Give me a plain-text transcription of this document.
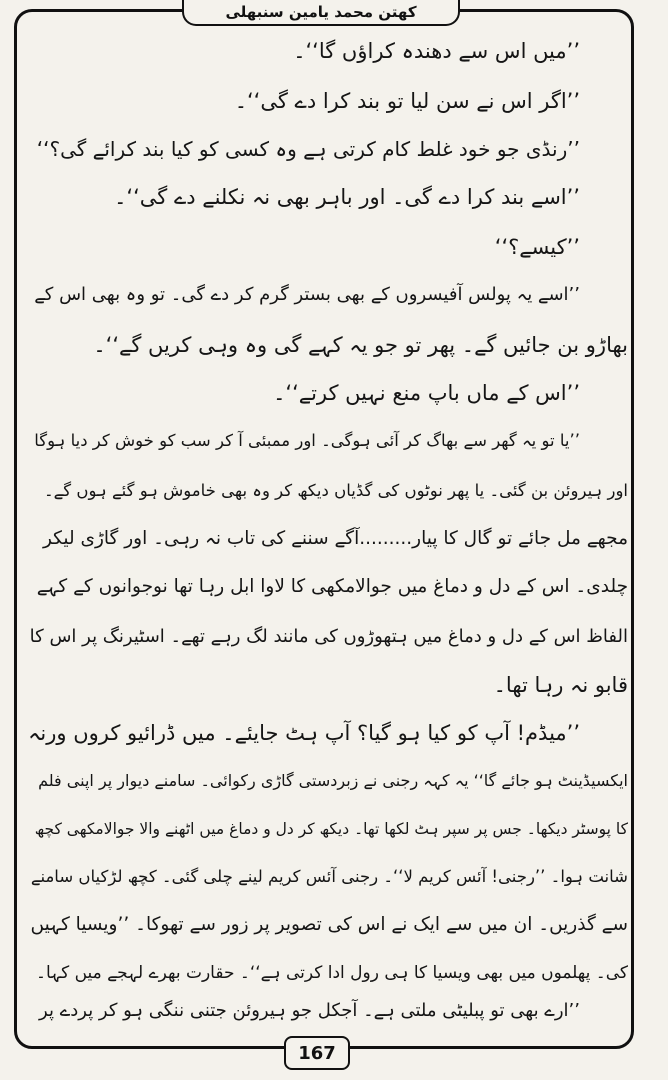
کھتن محمد یامین سنبھلی
’’میں اس سے دھندہ کراؤں گا‘‘۔
’’اگر اس نے سن لیا تو بند کرا دے گی‘‘۔
’’رنڈی جو خود غلط کام کرتی ہے وہ کسی کو کیا بند کرائے گی؟‘‘
’’اسے بند کرا دے گی۔ اور باہر بھی نہ نکلنے دے گی‘‘۔
’’کیسے؟‘‘
’’اسے یہ پولس آفیسروں کے بھی بستر گرم کر دے گی۔ تو وہ بھی اس کے
بھاڑو بن جائیں گے۔ پھر تو جو یہ کہے گی وہ وہی کریں گے‘‘۔
’’اس کے ماں باپ منع نہیں کرتے‘‘۔
’’یا تو یہ گھر سے بھاگ کر آئی ہوگی۔ اور ممبئی آ کر سب کو خوش کر دیا ہوگا
اور ہیروئن بن گئی۔ یا پھر نوٹوں کی گڈیاں دیکھ کر وہ بھی خاموش ہو گئے ہوں گے۔
مجھے مل جائے تو گال کا پیار.........آگے سننے کی تاب نہ رہی۔ اور گاڑی لیکر
چلدی۔ اس کے دل و دماغ میں جوالامکھی کا لاوا ابل رہا تھا نوجوانوں کے کہے
الفاظ اس کے دل و دماغ میں ہتھوڑوں کی مانند لگ رہے تھے۔ اسٹیرنگ پر اس کا
قابو نہ رہا تھا۔
’’میڈم! آپ کو کیا ہو گیا؟ آپ ہٹ جایئے۔ میں ڈرائیو کروں ورنہ
ایکسیڈینٹ ہو جائے گا‘‘ یہ کہہ رجنی نے زبردستی گاڑی رکوائی۔ سامنے دیوار پر اپنی فلم
کا پوسٹر دیکھا۔ جس پر سپر ہٹ لکھا تھا۔ دیکھ کر دل و دماغ میں اٹھنے والا جوالامکھی کچھ
شانت ہوا۔ ’’رجنی! آئس کریم لا‘‘۔ رجنی آئس کریم لینے چلی گئی۔ کچھ لڑکیاں سامنے
سے گذریں۔ ان میں سے ایک نے اس کی تصویر پر زور سے تھوکا۔ ’’ویسیا کہیں
کی۔ پھلموں میں بھی ویسیا کا ہی رول ادا کرتی ہے‘‘۔ حقارت بھرے لہجے میں کہا۔
’’ارے بھی تو پبلیٹی ملتی ہے۔ آجکل جو ہیروئن جتنی ننگی ہو کر پردے پر
167
